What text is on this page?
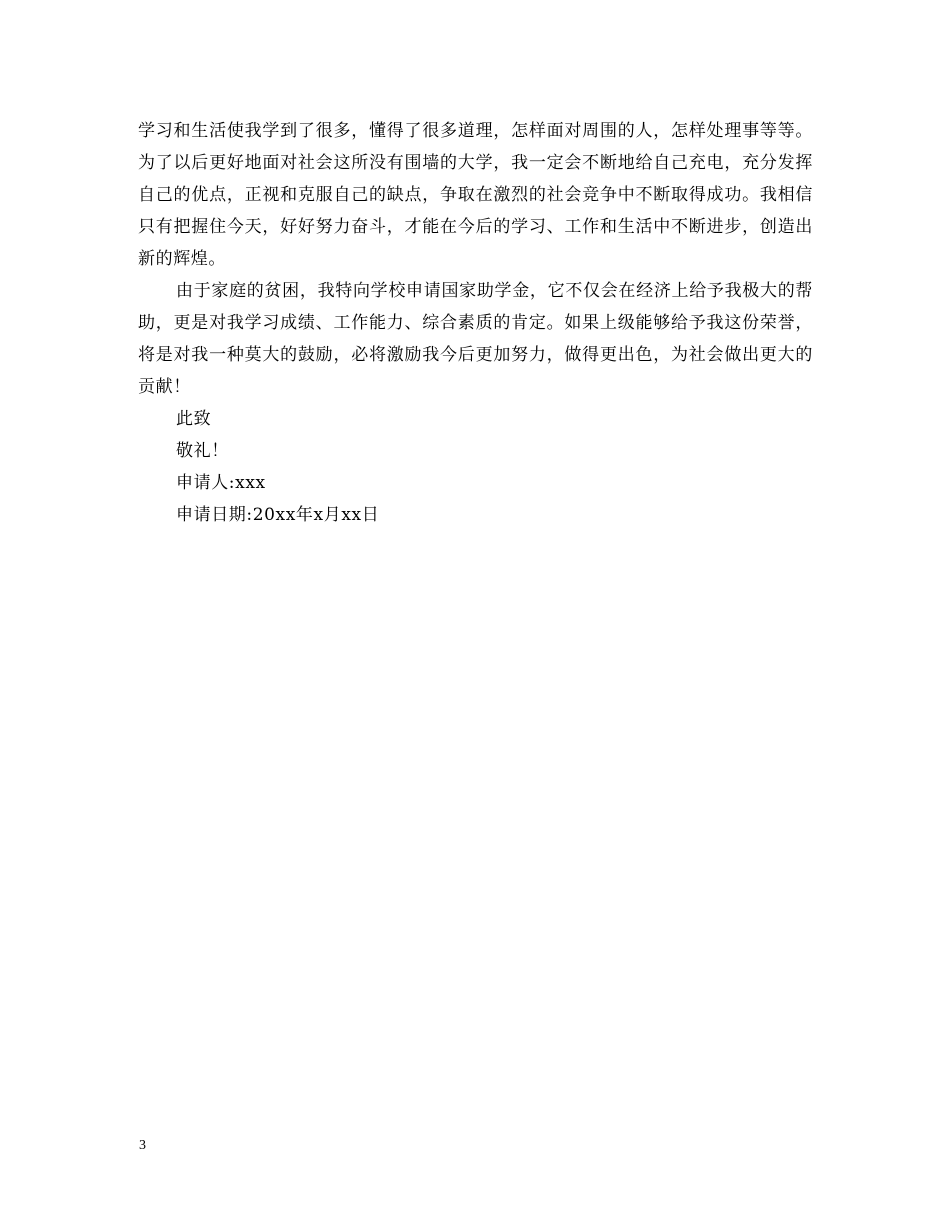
学习和生活使我学到了很多，懂得了很多道理，怎样面对周围的人，怎样处理事等等。为了以后更好地面对社会这所没有围墙的大学，我一定会不断地给自己充电，充分发挥自己的优点，正视和克服自己的缺点，争取在激烈的社会竞争中不断取得成功。我相信只有把握住今天，好好努力奋斗，才能在今后的学习、工作和生活中不断进步，创造出新的辉煌。

由于家庭的贫困，我特向学校申请国家助学金，它不仅会在经济上给予我极大的帮助，更是对我学习成绩、工作能力、综合素质的肯定。如果上级能够给予我这份荣誉，将是对我一种莫大的鼓励，必将激励我今后更加努力，做得更出色，为社会做出更大的贡献！

此致

敬礼！

申请人:xxx

申请日期:20xx年x月xx日

3
